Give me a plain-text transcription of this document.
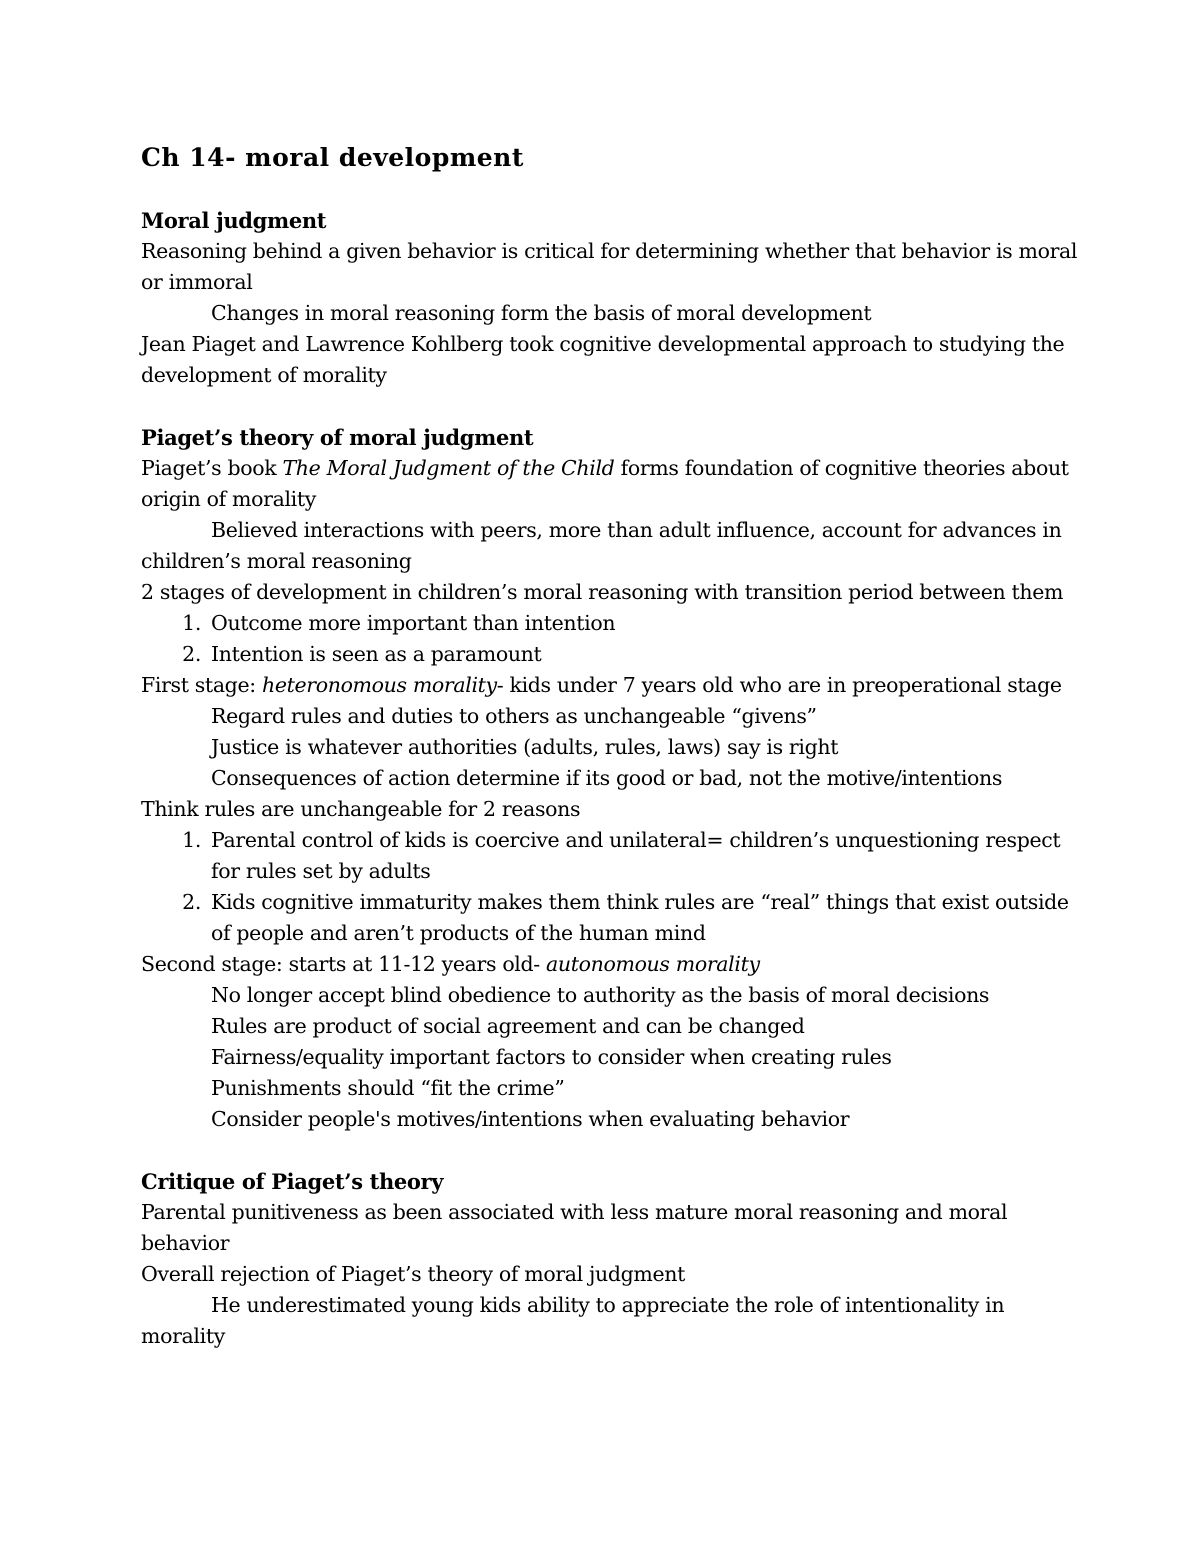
Ch 14- moral development

Moral judgment

Reasoning behind a given behavior is critical for determining whether that behavior is moral or immoral

Changes in moral reasoning form the basis of moral development

Jean Piaget and Lawrence Kohlberg took cognitive developmental approach to studying the development of morality

Piaget’s theory of moral judgment

Piaget’s book The Moral Judgment of the Child forms foundation of cognitive theories about origin of morality

Believed interactions with peers, more than adult influence, account for advances in children’s moral reasoning

2 stages of development in children’s moral reasoning with transition period between them

1. Outcome more important than intention
2. Intention is seen as a paramount

First stage: heteronomous morality- kids under 7 years old who are in preoperational stage

Regard rules and duties to others as unchangeable “givens”

Justice is whatever authorities (adults, rules, laws) say is right

Consequences of action determine if its good or bad, not the motive/intentions

Think rules are unchangeable for 2 reasons

1. Parental control of kids is coercive and unilateral= children’s unquestioning respect for rules set by adults
2. Kids cognitive immaturity makes them think rules are “real” things that exist outside of people and aren’t products of the human mind

Second stage: starts at 11-12 years old- autonomous morality

No longer accept blind obedience to authority as the basis of moral decisions

Rules are product of social agreement and can be changed

Fairness/equality important factors to consider when creating rules

Punishments should “fit the crime”

Consider people's motives/intentions when evaluating behavior

Critique of Piaget’s theory

Parental punitiveness as been associated with less mature moral reasoning and moral behavior

Overall rejection of Piaget’s theory of moral judgment

He underestimated young kids ability to appreciate the role of intentionality in morality
